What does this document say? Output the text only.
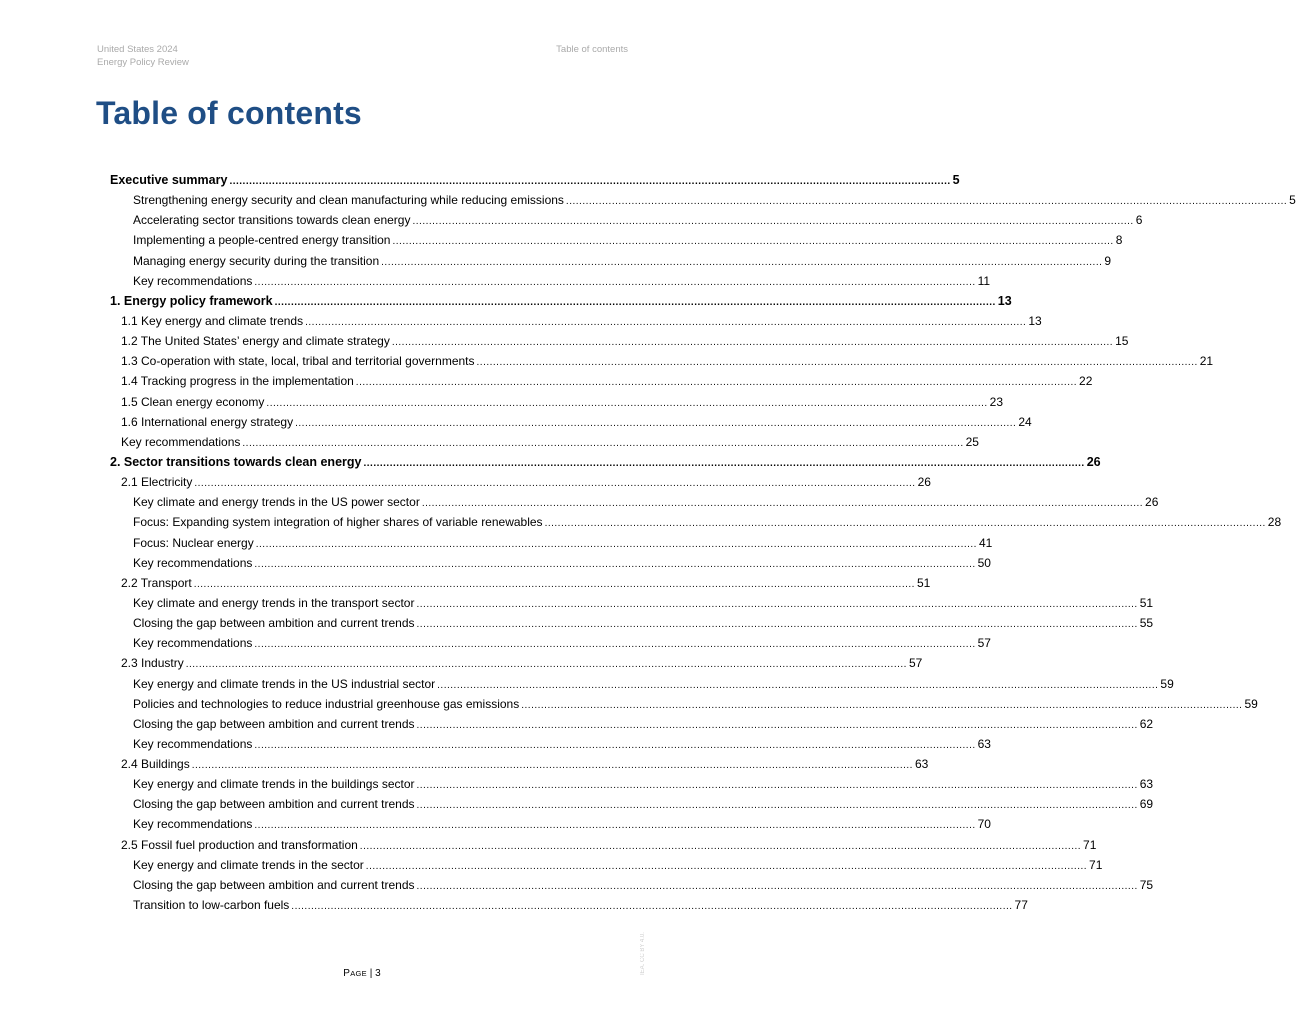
United States 2024
Energy Policy Review
Table of contents
Table of contents
Executive summary ............................................................................................................................................................................................................................ 5
Strengthening energy security and clean manufacturing while reducing emissions ............................................................................................................................................................................................................................ 5
Accelerating sector transitions towards clean energy ............................................................................................................................................................................................................................ 6
Implementing a people-centred energy transition ............................................................................................................................................................................................................................ 8
Managing energy security during the transition ............................................................................................................................................................................................................................ 9
Key recommendations ............................................................................................................................................................................................................................ 11
1. Energy policy framework ............................................................................................................................................................................................................................ 13
1.1 Key energy and climate trends ............................................................................................................................................................................................................................ 13
1.2 The United States’ energy and climate strategy ............................................................................................................................................................................................................................ 15
1.3 Co-operation with state, local, tribal and territorial governments ............................................................................................................................................................................................................................ 21
1.4 Tracking progress in the implementation ............................................................................................................................................................................................................................ 22
1.5 Clean energy economy ............................................................................................................................................................................................................................ 23
1.6 International energy strategy ............................................................................................................................................................................................................................ 24
Key recommendations ............................................................................................................................................................................................................................ 25
2. Sector transitions towards clean energy ............................................................................................................................................................................................................................ 26
2.1 Electricity ............................................................................................................................................................................................................................ 26
Key climate and energy trends in the US power sector ............................................................................................................................................................................................................................ 26
Focus: Expanding system integration of higher shares of variable renewables ............................................................................................................................................................................................................................ 28
Focus: Nuclear energy ............................................................................................................................................................................................................................ 41
Key recommendations ............................................................................................................................................................................................................................ 50
2.2 Transport ............................................................................................................................................................................................................................ 51
Key climate and energy trends in the transport sector ............................................................................................................................................................................................................................ 51
Closing the gap between ambition and current trends ............................................................................................................................................................................................................................ 55
Key recommendations ............................................................................................................................................................................................................................ 57
2.3 Industry ............................................................................................................................................................................................................................ 57
Key energy and climate trends in the US industrial sector ............................................................................................................................................................................................................................ 59
Policies and technologies to reduce industrial greenhouse gas emissions ............................................................................................................................................................................................................................ 59
Closing the gap between ambition and current trends ............................................................................................................................................................................................................................ 62
Key recommendations ............................................................................................................................................................................................................................ 63
2.4 Buildings ............................................................................................................................................................................................................................ 63
Key energy and climate trends in the buildings sector ............................................................................................................................................................................................................................ 63
Closing the gap between ambition and current trends ............................................................................................................................................................................................................................ 69
Key recommendations ............................................................................................................................................................................................................................ 70
2.5 Fossil fuel production and transformation ............................................................................................................................................................................................................................ 71
Key energy and climate trends in the sector ............................................................................................................................................................................................................................ 71
Closing the gap between ambition and current trends ............................................................................................................................................................................................................................ 75
Transition to low-carbon fuels ............................................................................................................................................................................................................................ 77
PAGE | 3	IEA. CC BY 4.0.
